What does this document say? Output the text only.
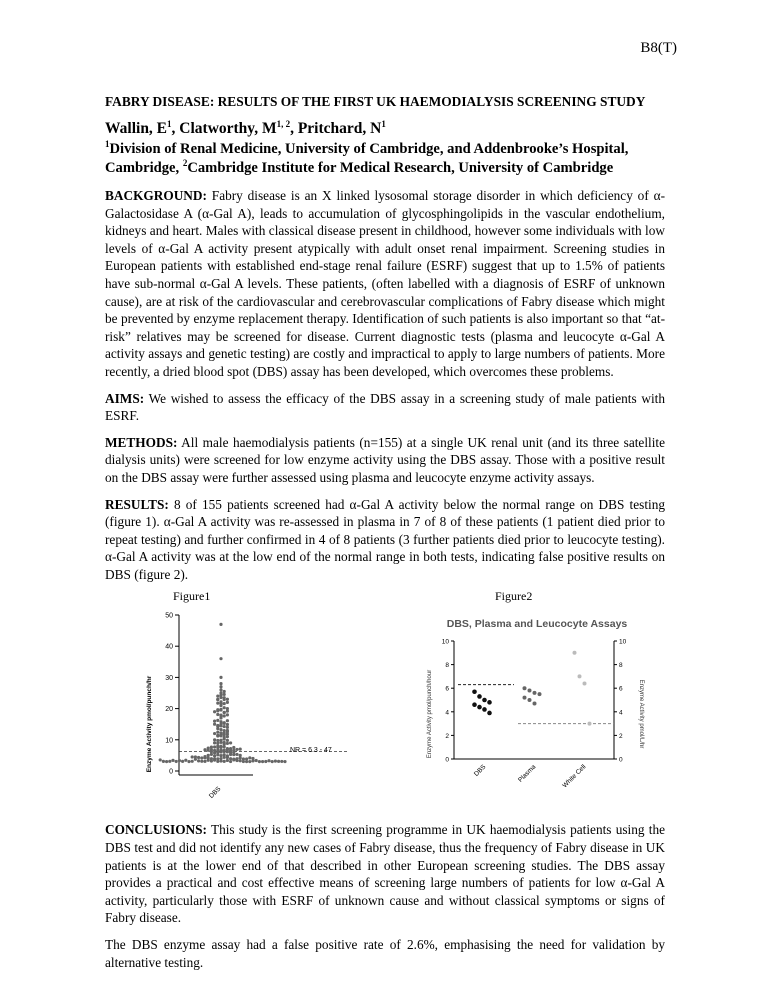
B8(T)

FABRY DISEASE: RESULTS OF THE FIRST UK HAEMODIALYSIS SCREENING STUDY

Wallin, $E^1$, Clatworthy, M$^{1, 2}$, Pritchard, $N^1$

$^1$Division of Renal Medicine, University of Cambridge, and Addenbrooke’s Hospital, Cambridge, $^2$Cambridge Institute for Medical Research, University of Cambridge

BACKGROUND: Fabry disease is an X linked lysosomal storage disorder in which deficiency of α-Galactosidase A (α-Gal A), leads to accumulation of glycosphingolipids in the vascular endothelium, kidneys and heart. Males with classical disease present in childhood, however some individuals with low levels of α-Gal A activity present atypically with adult onset renal impairment. Screening studies in European patients with established end-stage renal failure (ESRF) suggest that up to 1.5% of patients have sub-normal α-Gal A levels. These patients, (often labelled with a diagnosis of ESRF of unknown cause), are at risk of the cardiovascular and cerebrovascular complications of Fabry disease which might be prevented by enzyme replacement therapy. Identification of such patients is also important so that “at-risk” relatives may be screened for disease. Current diagnostic tests (plasma and leucocyte α-Gal A activity assays and genetic testing) are costly and impractical to apply to large numbers of patients. More recently, a dried blood spot (DBS) assay has been developed, which overcomes these problems.

AIMS: We wished to assess the efficacy of the DBS assay in a screening study of male patients with ESRF.

METHODS: All male haemodialysis patients (n=155) at a single UK renal unit (and its three satellite dialysis units) were screened for low enzyme activity using the DBS assay. Those with a positive result on the DBS assay were further assessed using plasma and leucocyte enzyme activity assays.

RESULTS: 8 of 155 patients screened had α-Gal A activity below the normal range on DBS testing (figure 1). α-Gal A activity was re-assessed in plasma in 7 of 8 of these patients (1 patient died prior to repeat testing) and further confirmed in 4 of 8 patients (3 further patients died prior to leucocyte testing). α-Gal A activity was at the low end of the normal range in both tests, indicating false positive results on DBS (figure 2).

Figure1	Figure2
0
10
20
30
40
50
DBS
Enzyme Activity pmol/punch/hr	NR = 6.3 - 47
DBS, Plasma and Leucocyte Assays
0	0
2	2
4	4
6	6
8	8
10	10
DBS	Plasma	White Cell
Enzyme Activity pmol/punch/hour	Enzyme Activity pmol/L/hr

CONCLUSIONS: This study is the first screening programme in UK haemodialysis patients using the DBS test and did not identify any new cases of Fabry disease, thus the frequency of Fabry disease in UK patients is at the lower end of that described in other European screening studies. The DBS assay provides a practical and cost effective means of screening large numbers of patients for low α-Gal A activity, particularly those with ESRF of unknown cause and without classical symptoms or signs of Fabry disease.

The DBS enzyme assay had a false positive rate of 2.6%, emphasising the need for validation by alternative testing.
